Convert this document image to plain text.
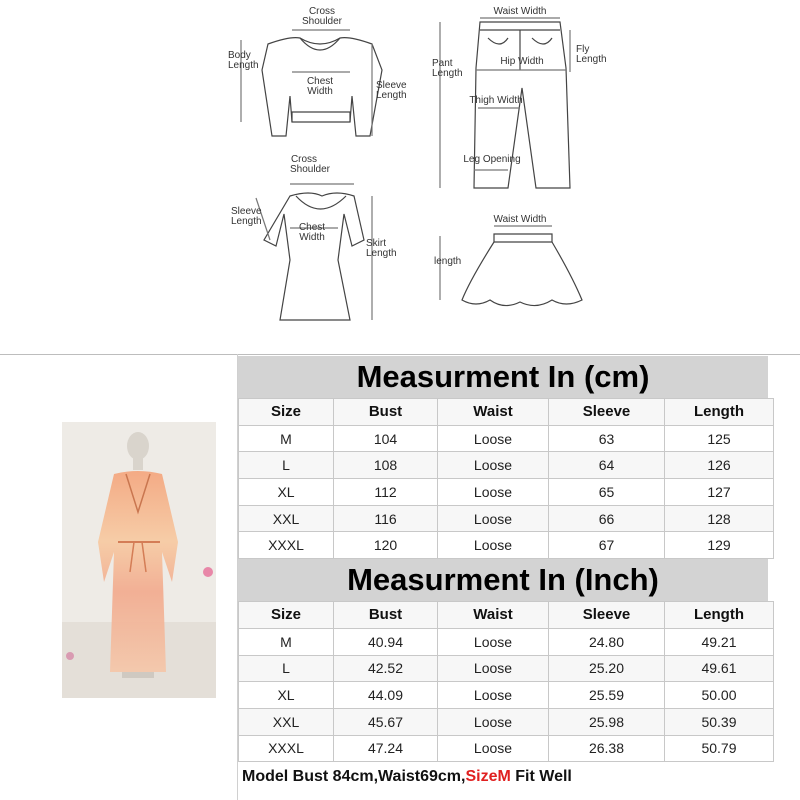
Cross
Shoulder
Body
Length
Chest
Width
Sleeve
Length
Waist Width
Pant
Length
Fly
Length
Hip Width
Thigh Width
Leg Opening
Cross
Shoulder
Sleeve
Length
Chest
Width
Skirt
Length
Waist Width
length
Measurment In (cm)
Size	Bust	Waist	Sleeve	Length
M	104	Loose	63	125
L	108	Loose	64	126
XL	112	Loose	65	127
XXL	116	Loose	66	128
XXXL	120	Loose	67	129
Measurment In (Inch)
Size	Bust	Waist	Sleeve	Length
M	40.94	Loose	24.80	49.21
L	42.52	Loose	25.20	49.61
XL	44.09	Loose	25.59	50.00
XXL	45.67	Loose	25.98	50.39
XXXL	47.24	Loose	26.38	50.79
Model Bust 84cm,Waist69cm,SizeM Fit Well
